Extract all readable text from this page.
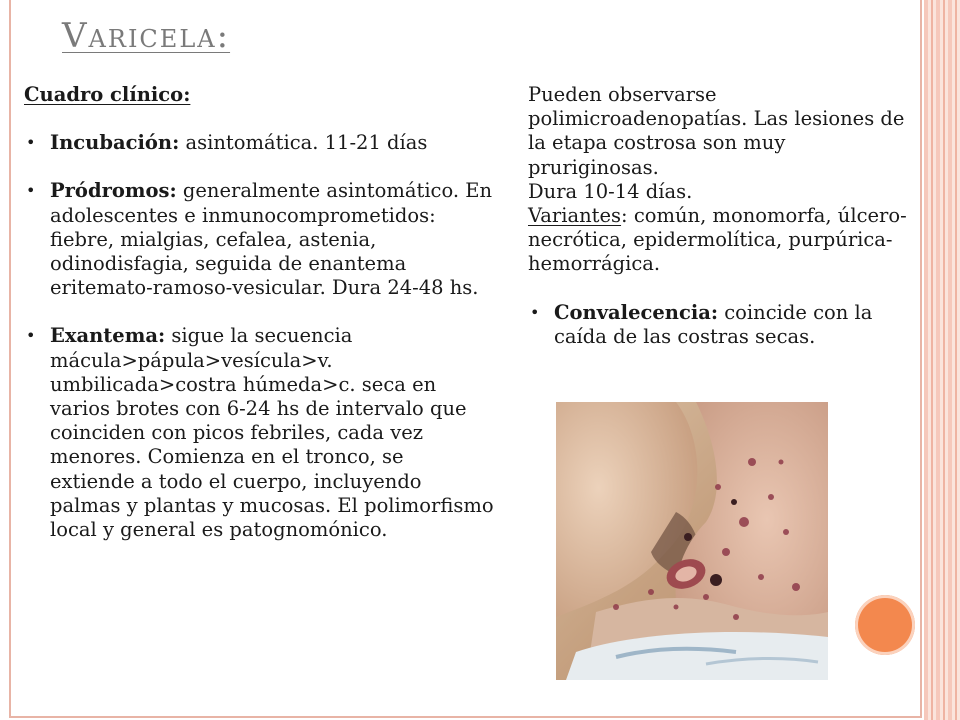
Varicela:

Cuadro clínico:

• Incubación: asintomática. 11-21 días

• Pródromos: generalmente asintomático. En adolescentes e inmunocomprometidos: fiebre, mialgias, cefalea, astenia, odinodisfagia, seguida de enantema eritemato-ramoso-vesicular. Dura 24-48 hs.

• Exantema: sigue la secuencia mácula>pápula>vesícula>v. umbilicada>costra húmeda>c. seca en varios brotes con 6-24 hs de intervalo que coinciden con picos febriles, cada vez menores. Comienza en el tronco, se extiende a todo el cuerpo, incluyendo palmas y plantas y mucosas. El polimorfismo local y general es patognomónico.

Pueden observarse polimicroadenopatías. Las lesiones de la etapa costrosa son muy pruriginosas.

Dura 10-14 días.

Variantes: común, monomorfa, úlcero-necrótica, epidermolítica, purpúrica-hemorrágica.

• Convalecencia: coincide con la caída de las costras secas.
